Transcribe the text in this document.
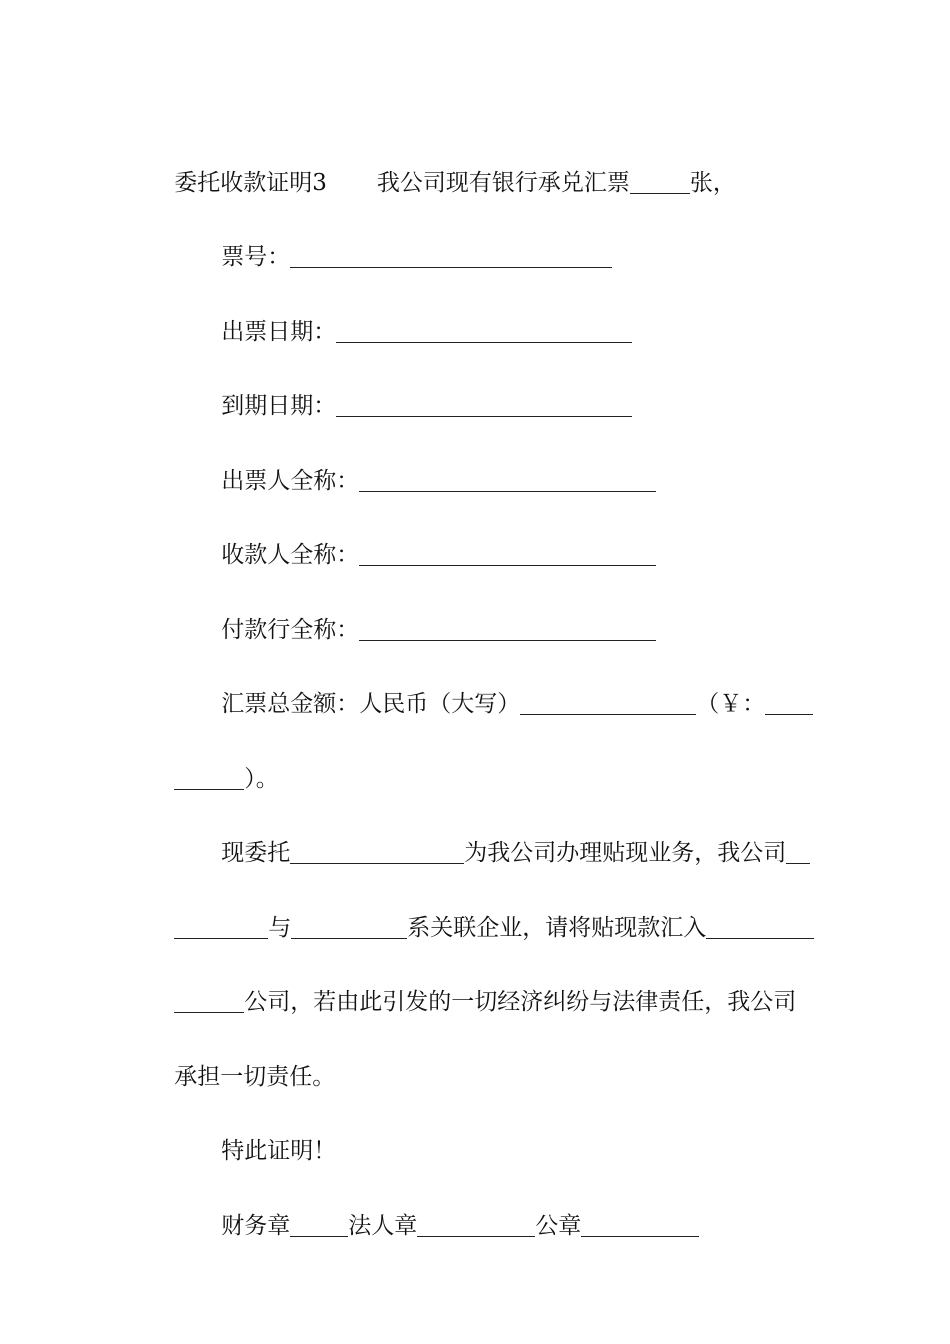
委托收款证明3 我公司现有银行承兑汇票	张，

票号：

出票日期：

到期日期：

出票人全称：

收款人全称：

付款行全称：

汇票总金额：人民币（大写）	（￥：

）。

现委托	为我公司办理贴现业务，我公司

与	系关联企业，请将贴现款汇入

公司，若由此引发的一切经济纠纷与法律责任，我公司

承担一切责任。

特此证明！

财务章	法人章	公章
